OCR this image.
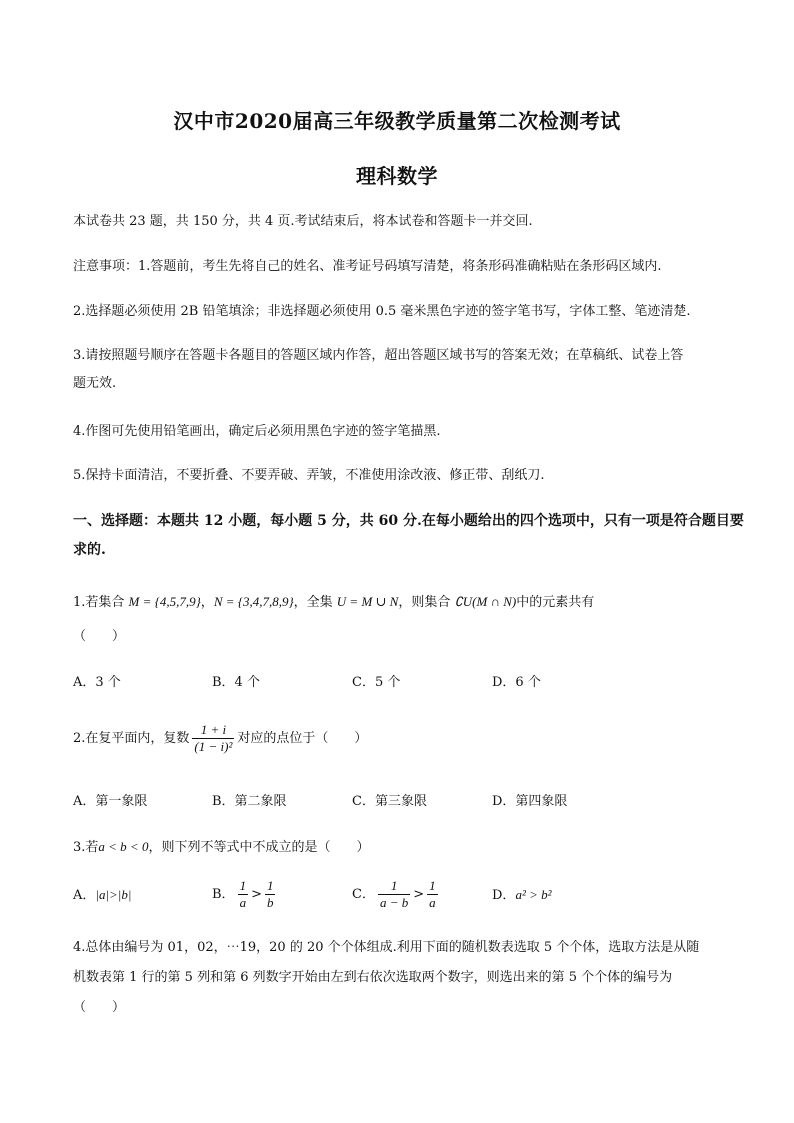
汉中市2020届高三年级教学质量第二次检测考试
理科数学
本试卷共 23 题，共 150 分，共 4 页.考试结束后，将本试卷和答题卡一并交回.
注意事项：1.答题前，考生先将自己的姓名、准考证号码填写清楚，将条形码准确粘贴在条形码区域内.
2.选择题必须使用 2B 铅笔填涂；非选择题必须使用 0.5 毫米黑色字迹的签字笔书写，字体工整、笔迹清楚.
3.请按照题号顺序在答题卡各题目的答题区域内作答，超出答题区域书写的答案无效；在草稿纸、试卷上答
题无效.
4.作图可先使用铅笔画出，确定后必须用黑色字迹的签字笔描黑.
5.保持卡面清洁，不要折叠、不要弄破、弄皱，不准使用涂改液、修正带、刮纸刀.
一、选择题：本题共 12 小题，每小题 5 分，共 60 分.在每小题给出的四个选项中，只有一项是符合题目要
求的.
1.若集合 M = {4,5,7,9}，N = {3,4,7,8,9}，全集 U = M ∪ N，则集合 ∁U(M ∩ N)中的元素共有
（　　）
A．3 个	B．4 个	C．5 个	D．6 个
2.在复平面内，复数 $\frac{1 + i}{\text{(1 − i)²}}$ 对应的点位于（　　）
A．第一象限	B．第二象限	C．第三象限	D．第四象限
3.若a < b < 0，则下列不等式中不成立的是（　　）
A．|a|>|b|	B． $\frac{1}{a} > \frac{1}{b}$	C． $\frac{1}{a - b} > \frac{1}{a}$	D．a² > b²
4.总体由编号为 01，02，⋯19，20 的 20 个个体组成.利用下面的随机数表选取 5 个个体，选取方法是从随
机数表第 1 行的第 5 列和第 6 列数字开始由左到右依次选取两个数字，则选出来的第 5 个个体的编号为
（　　）
